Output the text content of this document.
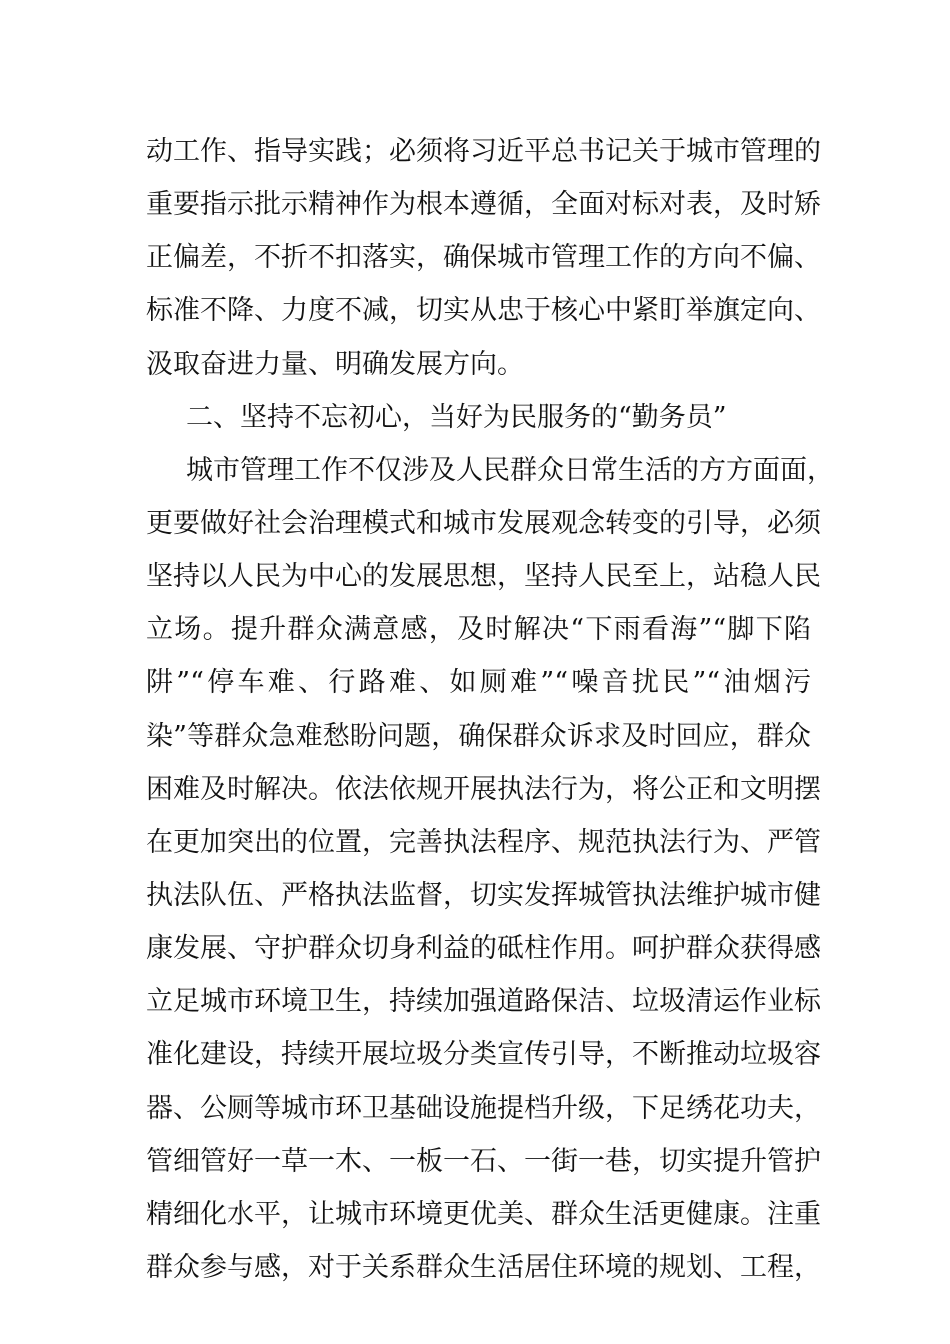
动工作、指导实践；必须将习近平总书记关于城市管理的
重要指示批示精神作为根本遵循，全面对标对表，及时矫
正偏差，不折不扣落实，确保城市管理工作的方向不偏、
标准不降、力度不减，切实从忠于核心中紧盯举旗定向、
汲取奋进力量、明确发展方向。
二、坚持不忘初心，当好为民服务的“勤务员”
城市管理工作不仅涉及人民群众日常生活的方方面面，
更要做好社会治理模式和城市发展观念转变的引导，必须
坚持以人民为中心的发展思想，坚持人民至上，站稳人民
立场。提升群众满意感，及时解决“下雨看海”“脚下陷
阱”“停车难、行路难、如厕难”“噪音扰民”“油烟污
染”等群众急难愁盼问题，确保群众诉求及时回应，群众
困难及时解决。依法依规开展执法行为，将公正和文明摆
在更加突出的位置，完善执法程序、规范执法行为、严管
执法队伍、严格执法监督，切实发挥城管执法维护城市健
康发展、守护群众切身利益的砥柱作用。呵护群众获得感
立足城市环境卫生，持续加强道路保洁、垃圾清运作业标
准化建设，持续开展垃圾分类宣传引导，不断推动垃圾容
器、公厕等城市环卫基础设施提档升级，下足绣花功夫，
管细管好一草一木、一板一石、一街一巷，切实提升管护
精细化水平，让城市环境更优美、群众生活更健康。注重
群众参与感，对于关系群众生活居住环境的规划、工程，
